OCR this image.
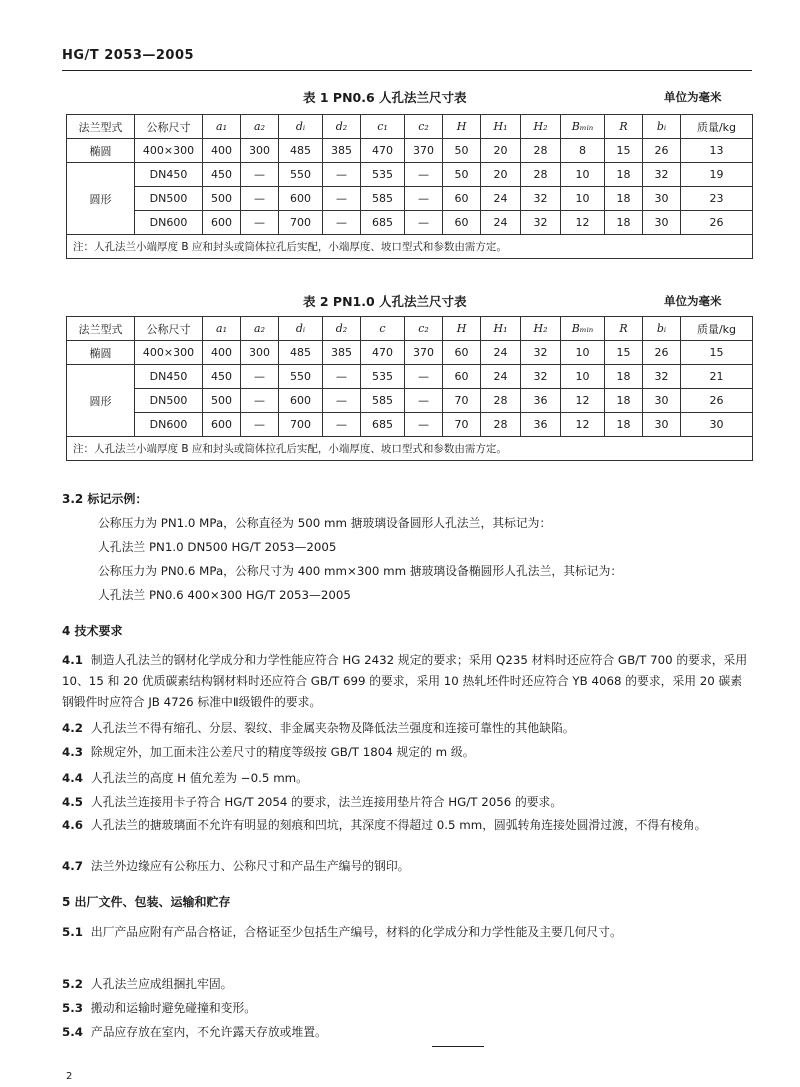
HG/T 2053—2005
表 1 PN0.6 人孔法兰尺寸表	单位为毫米
法兰型式	公称尺寸	a₁	a₂	dᵢ	d₂	c₁	c₂	H	H₁	H₂	Bₘᵢₙ	R	bᵢ	质量/kg
椭圆	400×300	400	300	485	385	470	370	50	20	28	8	15	26	13
圆形	DN450	450	—	550	—	535	—	50	20	28	10	18	32	19
	DN500	500	—	600	—	585	—	60	24	32	10	18	30	23
	DN600	600	—	700	—	685	—	60	24	32	12	18	30	26
注：人孔法兰小端厚度 B 应和封头或筒体拉孔后实配，小端厚度、坡口型式和参数由需方定。														
表 2 PN1.0 人孔法兰尺寸表	单位为毫米
法兰型式	公称尺寸	a₁	a₂	dᵢ	d₂	c	c₂	H	H₁	H₂	Bₘᵢₙ	R	bᵢ	质量/kg
椭圆	400×300	400	300	485	385	470	370	60	24	32	10	15	26	15
圆形	DN450	450	—	550	—	535	—	60	24	32	10	18	32	21
	DN500	500	—	600	—	585	—	70	28	36	12	18	30	26
	DN600	600	—	700	—	685	—	70	28	36	12	18	30	30
注：人孔法兰小端厚度 B 应和封头或筒体拉孔后实配，小端厚度、坡口型式和参数由需方定。														
3.2 标记示例：
公称压力为 PN1.0 MPa，公称直径为 500 mm 搪玻璃设备圆形人孔法兰，其标记为：
人孔法兰 PN1.0 DN500 HG/T 2053—2005
公称压力为 PN0.6 MPa，公称尺寸为 400 mm×300 mm 搪玻璃设备椭圆形人孔法兰，其标记为：
人孔法兰 PN0.6 400×300 HG/T 2053—2005
4 技术要求
4.1 制造人孔法兰的钢材化学成分和力学性能应符合 HG 2432 规定的要求；采用 Q235 材料时还应符合 GB/T 700 的要求，采用 10、15 和 20 优质碳素结构钢材料时还应符合 GB/T 699 的要求，采用 10 热轧坯件时还应符合 YB 4068 的要求，采用 20 碳素钢锻件时应符合 JB 4726 标准中Ⅱ级锻件的要求。
4.2 人孔法兰不得有缩孔、分层、裂纹、非金属夹杂物及降低法兰强度和连接可靠性的其他缺陷。
4.3 除规定外，加工面未注公差尺寸的精度等级按 GB/T 1804 规定的 m 级。
4.4 人孔法兰的高度 H 值允差为 −0.5 mm。
4.5 人孔法兰连接用卡子符合 HG/T 2054 的要求，法兰连接用垫片符合 HG/T 2056 的要求。
4.6 人孔法兰的搪玻璃面不允许有明显的刻痕和凹坑，其深度不得超过 0.5 mm，圆弧转角连接处圆滑过渡，不得有棱角。
4.7 法兰外边缘应有公称压力、公称尺寸和产品生产编号的钢印。
5 出厂文件、包装、运输和贮存
5.1 出厂产品应附有产品合格证，合格证至少包括生产编号，材料的化学成分和力学性能及主要几何尺寸。
5.2 人孔法兰应成组捆扎牢固。
5.3 搬动和运输时避免碰撞和变形。
5.4 产品应存放在室内，不允许露天存放或堆置。
2
